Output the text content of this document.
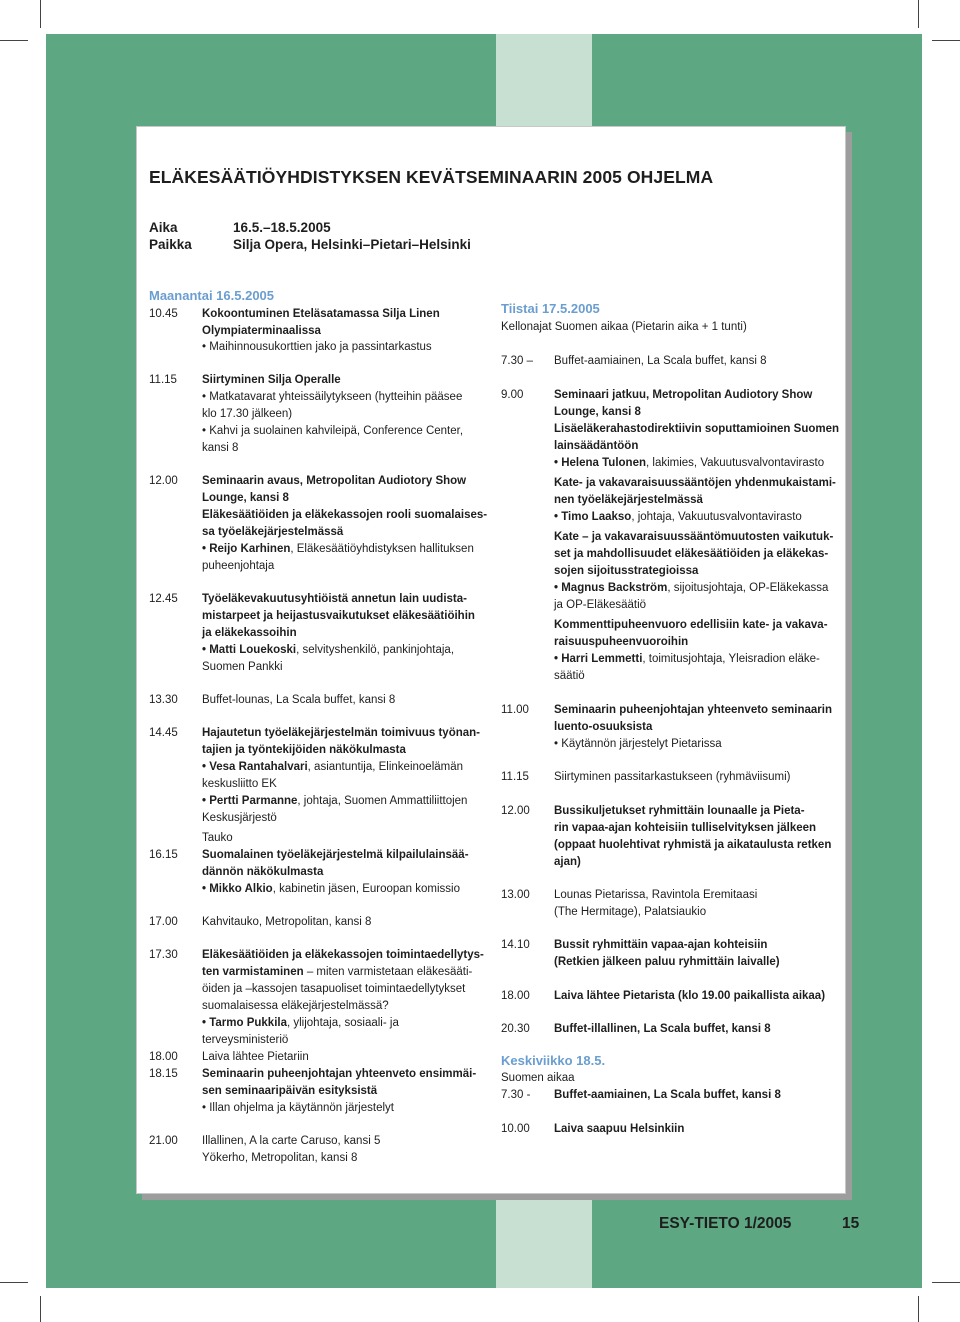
ELÄKESÄÄTIÖYHDISTYKSEN KEVÄTSEMINAARIN 2005 OHJELMA
Aika	16.5.–18.5.2005
Paikka	Silja Opera, Helsinki–Pietari–Helsinki
Maanantai 16.5.2005
10.45 Kokoontuminen Eteläsatamassa Silja Linen
Olympiaterminaalissa
• Maihinnousukorttien jako ja passintarkastus
11.15 Siirtyminen Silja Operalle
• Matkatavarat yhteissäilytykseen (hytteihin pääsee
klo 17.30 jälkeen)
• Kahvi ja suolainen kahvileipä, Conference Center,
kansi 8
12.00 Seminaarin avaus, Metropolitan Audiotory Show
Lounge, kansi 8
Eläkesäätiöiden ja eläkekassojen rooli suomalaises-
sa työeläkejärjestelmässä
• Reijo Karhinen, Eläkesäätiöyhdistyksen hallituksen
puheenjohtaja
12.45 Työeläkevakuutusyhtiöistä annetun lain uudista-
mistarpeet ja heijastusvaikutukset eläkesäätiöihin
ja eläkekassoihin
• Matti Louekoski, selvityshenkilö, pankinjohtaja,
Suomen Pankki
13.30 Buffet-lounas, La Scala buffet, kansi 8
14.45 Hajautetun työeläkejärjestelmän toimivuus työnan-
tajien ja työntekijöiden näkökulmasta
• Vesa Rantahalvari, asiantuntija, Elinkeinoelämän
keskusliitto EK
• Pertti Parmanne, johtaja, Suomen Ammattiliittojen
Keskusjärjestö
Tauko
16.15 Suomalainen työeläkejärjestelmä kilpailulainsää-
dännön näkökulmasta
• Mikko Alkio, kabinetin jäsen, Euroopan komissio
17.00 Kahvitauko, Metropolitan, kansi 8
17.30 Eläkesäätiöiden ja eläkekassojen toimintaedellytys-
ten varmistaminen – miten varmistetaan eläkesääti-
öiden ja –kassojen tasapuoliset toimintaedellytykset
suomalaisessa eläkejärjestelmässä?
• Tarmo Pukkila, ylijohtaja, sosiaali- ja
terveysministeriö
18.00 Laiva lähtee Pietariin
18.15 Seminaarin puheenjohtajan yhteenveto ensimmäi-
sen seminaaripäivän esityksistä
• Illan ohjelma ja käytännön järjestelyt
21.00 Illallinen, A la carte Caruso, kansi 5
Yökerho, Metropolitan, kansi 8
Tiistai 17.5.2005
Kellonajat Suomen aikaa (Pietarin aika + 1 tunti)
7.30 – Buffet-aamiainen, La Scala buffet, kansi 8
9.00	Seminaari jatkuu, Metropolitan Audiotory Show
Lounge, kansi 8
Lisäeläkerahastodirektiivin soputtamioinen Suomen
lainsäädäntöön
• Helena Tulonen, lakimies, Vakuutusvalvontavirasto
Kate- ja vakavaraisuussääntöjen yhdenmukaistami-
nen työeläkejärjestelmässä
• Timo Laakso, johtaja, Vakuutusvalvontavirasto
Kate – ja vakavaraisuussääntömuutosten vaikutuk-
set ja mahdollisuudet eläkesäätiöiden ja eläkekas-
sojen sijoitusstrategioissa
• Magnus Backström, sijoitusjohtaja, OP-Eläkekassa
ja OP-Eläkesäätiö
Kommenttipuheenvuoro edellisiin kate- ja vakava-
raisuuspuheenvuoroihin
• Harri Lemmetti, toimitusjohtaja, Yleisradion eläke-
säätiö
11.00 Seminaarin puheenjohtajan yhteenveto seminaarin
luento-osuuksista
• Käytännön järjestelyt Pietarissa
11.15 Siirtyminen passitarkastukseen (ryhmäviisumi)
12.00 Bussikuljetukset ryhmittäin lounaalle ja Pieta-
rin vapaa-ajan kohteisiin tulliselvityksen jälkeen
(oppaat huolehtivat ryhmistä ja aikataulusta retken
ajan)
13.00 Lounas Pietarissa, Ravintola Eremitaasi
(The Hermitage), Palatsiaukio
14.10 Bussit ryhmittäin vapaa-ajan kohteisiin
(Retkien jälkeen paluu ryhmittäin laivalle)
18.00 Laiva lähtee Pietarista (klo 19.00 paikallista aikaa)
20.30 Buffet-illallinen, La Scala buffet, kansi 8
Keskiviikko 18.5.
Suomen aikaa
7.30 - Buffet-aamiainen, La Scala buffet, kansi 8
10.00 Laiva saapuu Helsinkiin
ESY-TIETO 1/2005	15
